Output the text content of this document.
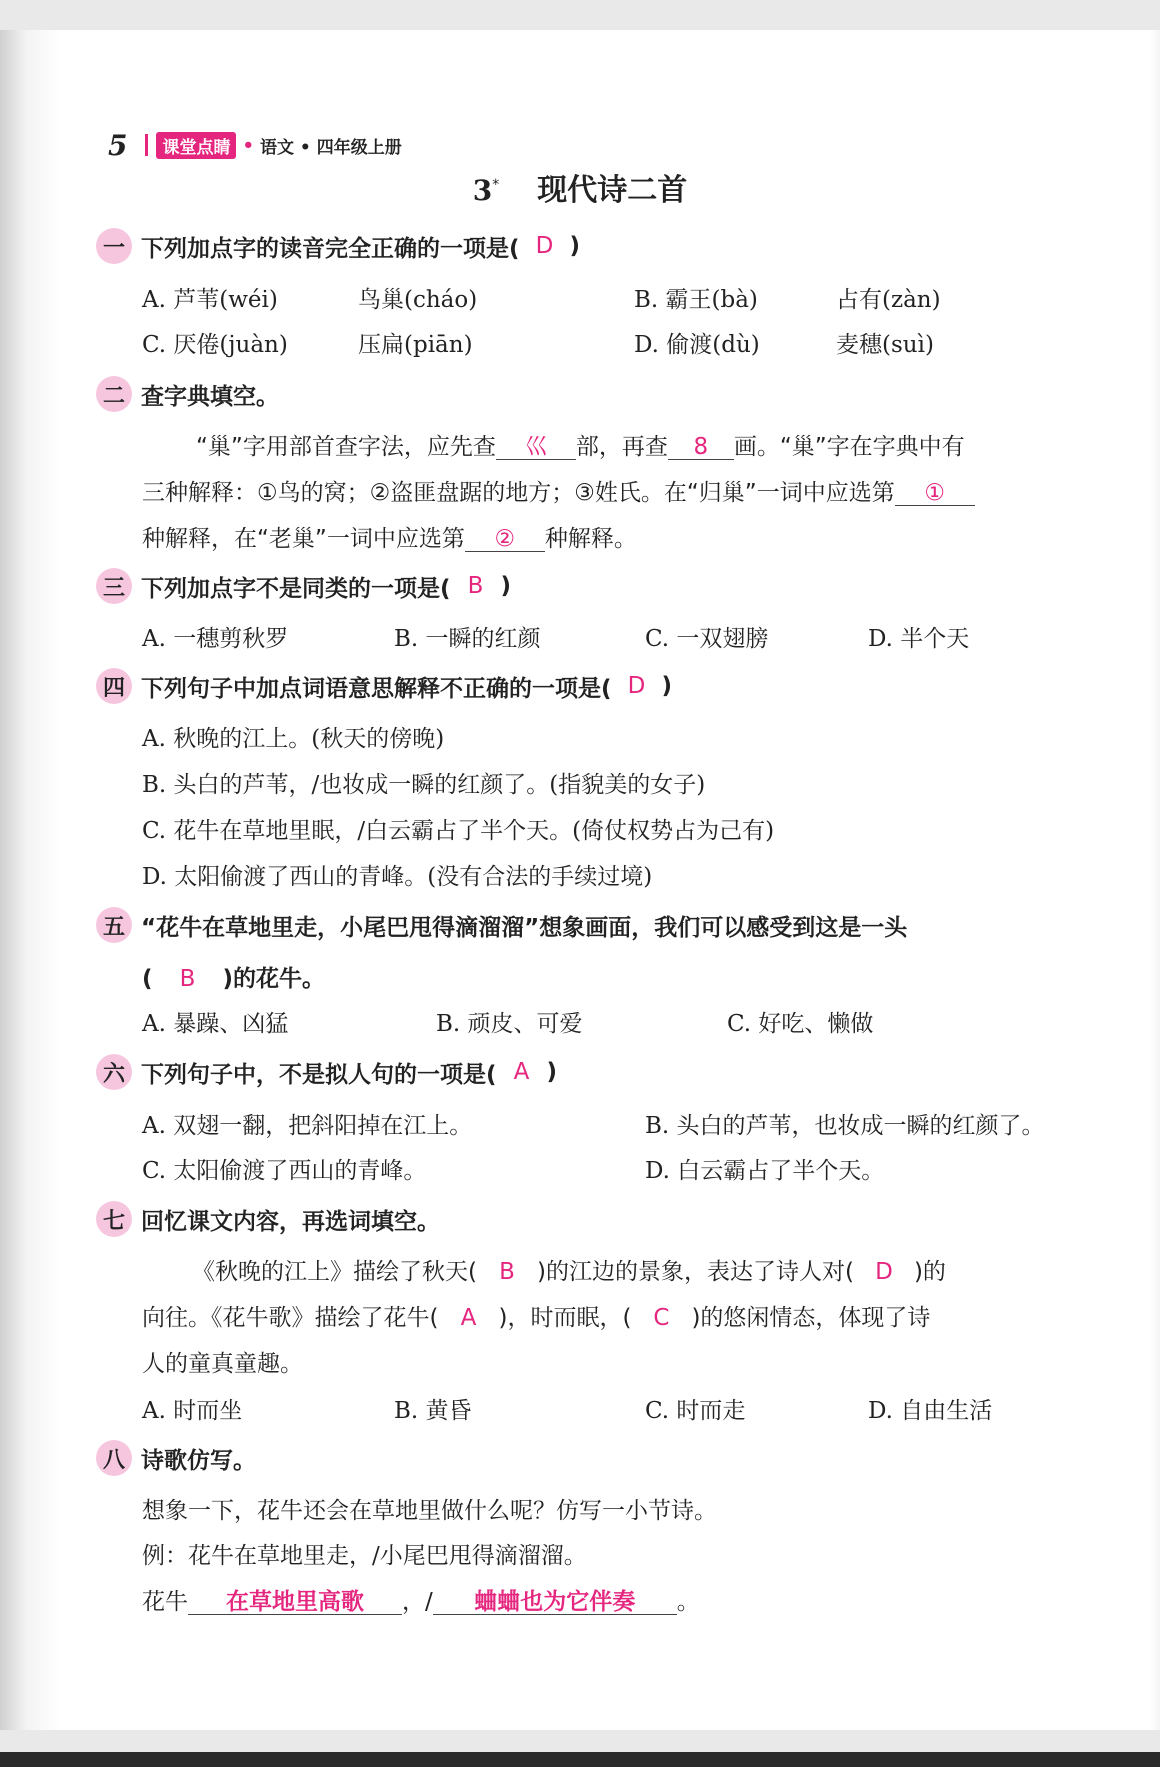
5	课堂点睛 • 语文 • 四年级上册
3* 现代诗二首
一 下列加点字的读音完全正确的一项是( D )
A. 芦苇(wéi)	鸟巢(cháo)	B. 霸王(bà)	占有(zàn)
C. 厌倦(juàn)	压扁(piān)	D. 偷渡(dù)	麦穗(suì)
二 查字典填空。
“巢”字用部首查字法，应先查 巛 部，再查 8 画。“巢”字在字典中有
三种解释：①鸟的窝；②盗匪盘踞的地方；③姓氏。在“归巢”一词中应选第 ①
种解释，在“老巢”一词中应选第 ② 种解释。
三 下列加点字不是同类的一项是( B )
A. 一穗剪秋罗	B. 一瞬的红颜	C. 一双翅膀	D. 半个天
四 下列句子中加点词语意思解释不正确的一项是( D )
A. 秋晚的江上。(秋天的傍晚)
B. 头白的芦苇，/也妆成一瞬的红颜了。(指貌美的女子)
C. 花牛在草地里眠，/白云霸占了半个天。(倚仗权势占为己有)
D. 太阳偷渡了西山的青峰。(没有合法的手续过境)
五 “花牛在草地里走，小尾巴甩得滴溜溜”想象画面，我们可以感受到这是一头
( B )的花牛。
A. 暴躁、凶猛	B. 顽皮、可爱	C. 好吃、懒做
六 下列句子中，不是拟人句的一项是( A )
A. 双翅一翻，把斜阳掉在江上。	B. 头白的芦苇，也妆成一瞬的红颜了。
C. 太阳偷渡了西山的青峰。	D. 白云霸占了半个天。
七 回忆课文内容，再选词填空。
《秋晚的江上》描绘了秋天( B )的江边的景象，表达了诗人对( D )的
向往。《花牛歌》描绘了花牛( A )，时而眠，( C )的悠闲情态，体现了诗
人的童真童趣。
A. 时而坐	B. 黄昏	C. 时而走	D. 自由生活
八 诗歌仿写。
想象一下，花牛还会在草地里做什么呢？仿写一小节诗。
例：花牛在草地里走，/小尾巴甩得滴溜溜。
花牛 在草地里高歌 ，/ 蛐蛐也为它伴奏 。
